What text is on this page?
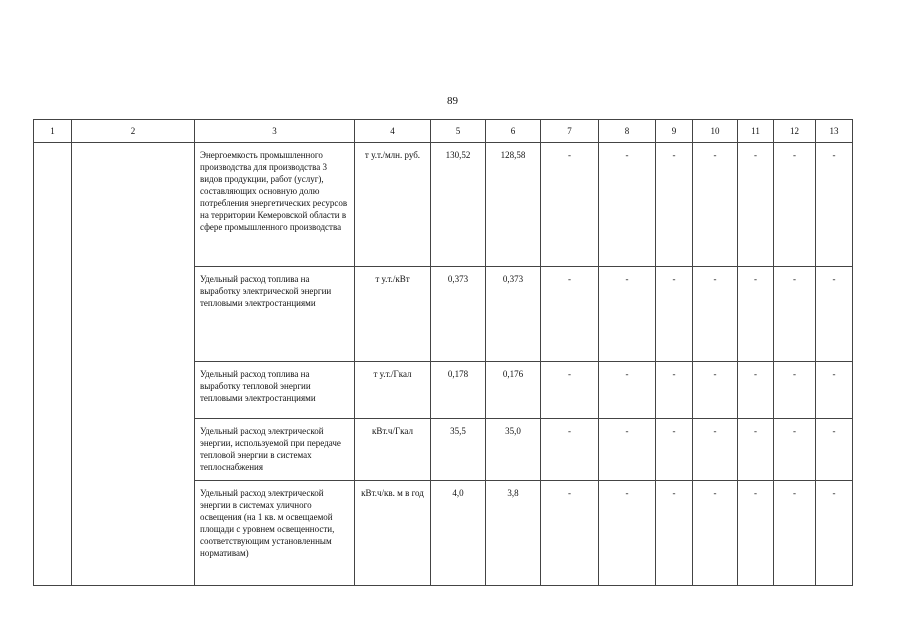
89
1	2	3	4	5	6	7	8	9	10	11	12	13
		Энергоемкость промышленного производства для производства 3 видов продукции, работ (услуг), составляющих основную долю потребления энергетических ресурсов на территории Кемеровской области в сфере промышленного производства	т у.т./млн. руб.	130,52	128,58	-	-	-	-	-	-	-
		Удельный расход топлива на выработку электрической энергии тепловыми электростанциями	т у.т./кВт	0,373	0,373	-	-	-	-	-	-	-
		Удельный расход топлива на выработку тепловой энергии тепловыми электростанциями	т у.т./Гкал	0,178	0,176	-	-	-	-	-	-	-
		Удельный расход электрической энергии, используемой при передаче тепловой энергии в системах теплоснабжения	кВт.ч/Гкал	35,5	35,0	-	-	-	-	-	-	-
		Удельный расход электрической энергии в системах уличного освещения (на 1 кв. м освещаемой площади с уровнем освещенности, соответствующим установленным нормативам)	кВт.ч/кв. м в год	4,0	3,8	-	-	-	-	-	-	-
